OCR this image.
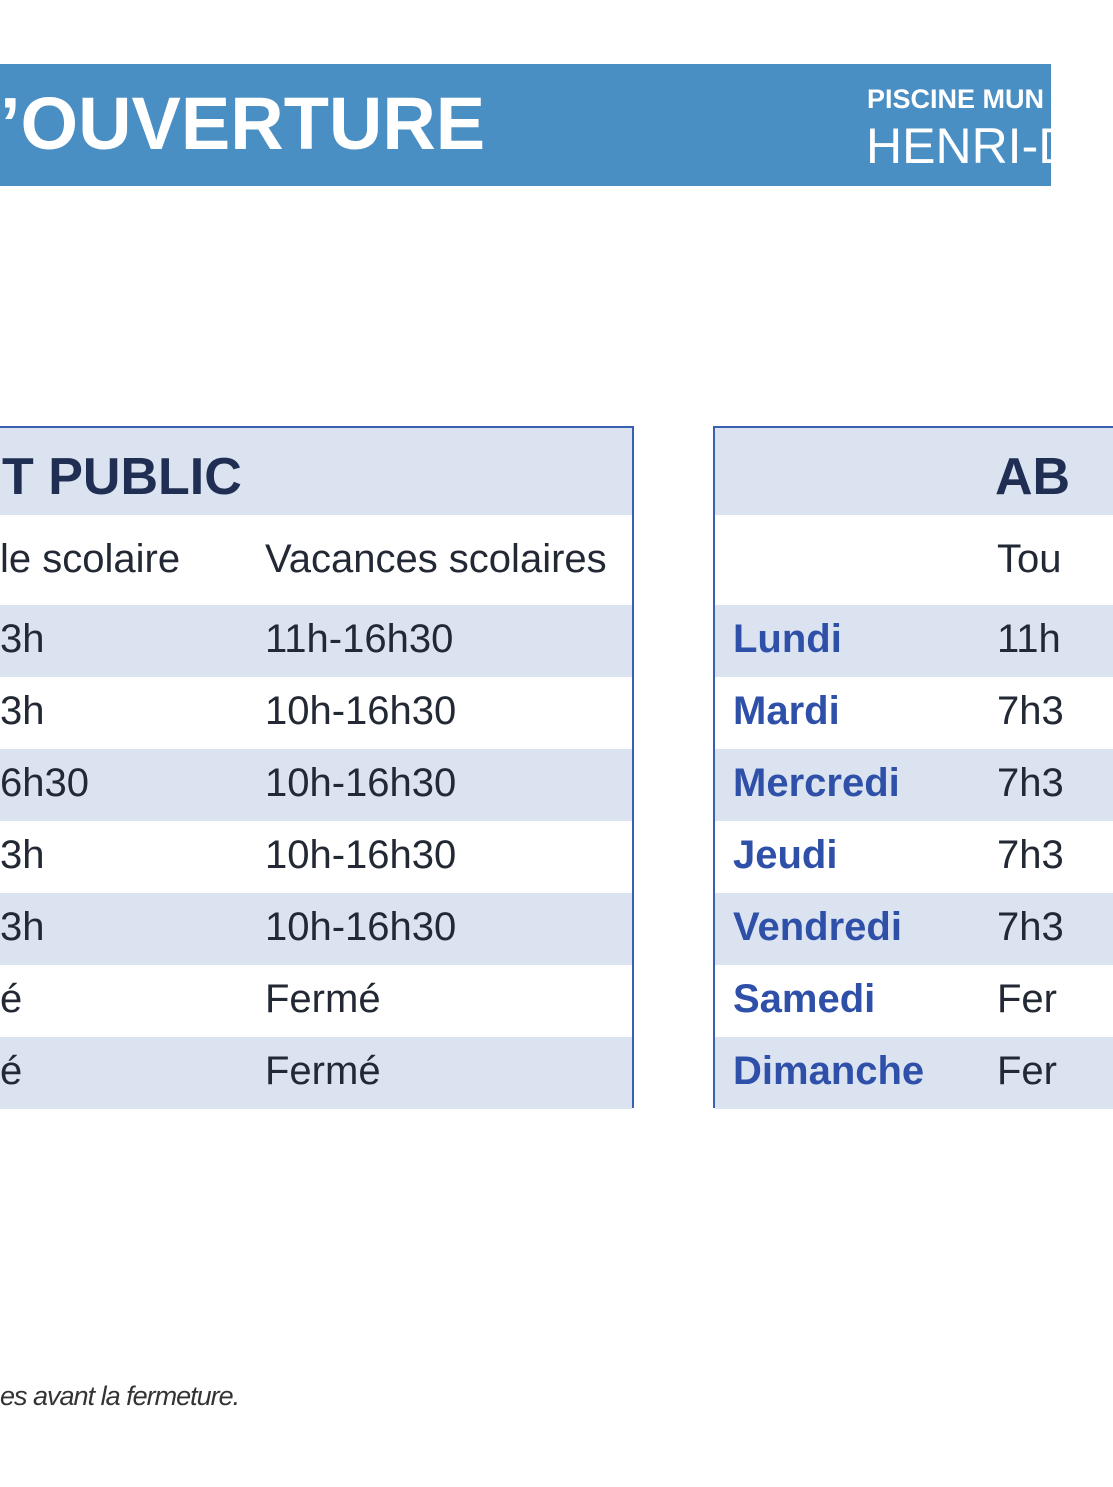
’OUVERTURE	PISCINE MUN
HENRI-D
T PUBLIC
le scolaire Vacances scolaires
3h	11h-16h30
3h	10h-16h30
6h30	10h-16h30
3h	10h-16h30
3h	10h-16h30
é	Fermé
é	Fermé
AB
Tou
Lundi	11h
Mardi	7h3
Mercredi 7h3
Jeudi	7h3
Vendredi 7h3
Samedi	Fer
Dimanche Fer
es avant la fermeture.
